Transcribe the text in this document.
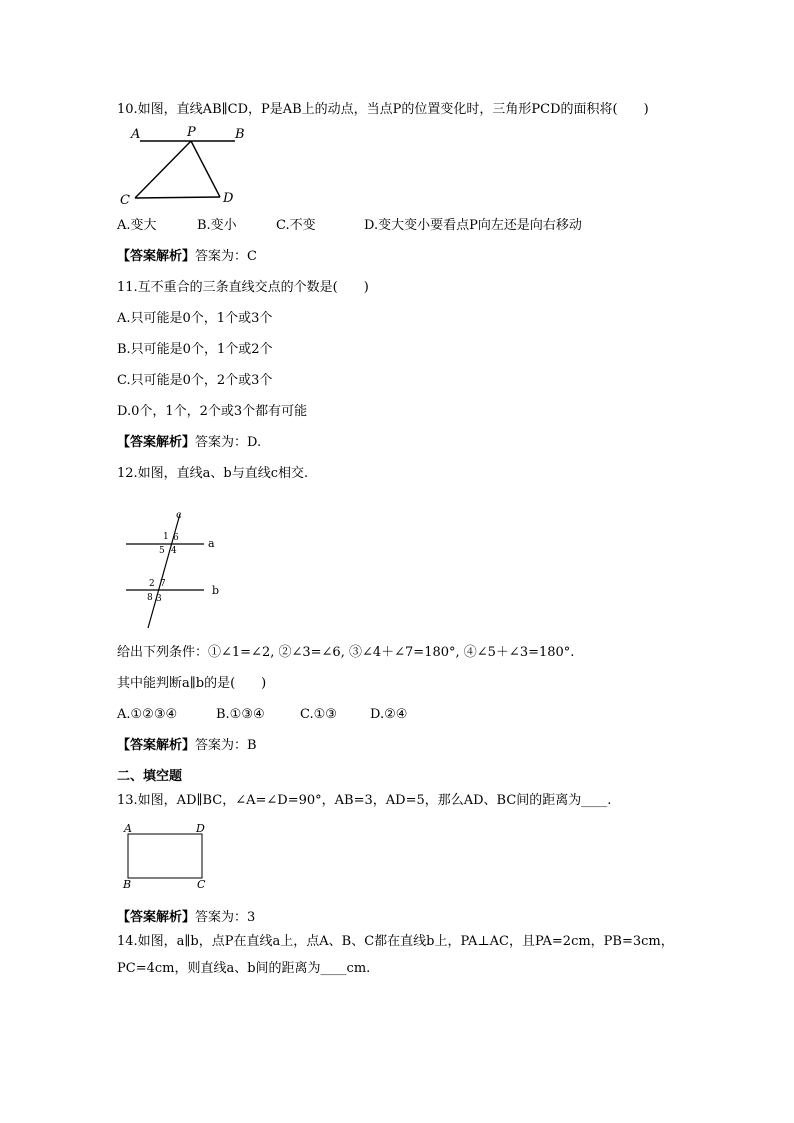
10.如图，直线AB∥CD，P是AB上的动点，当点P的位置变化时，三角形PCD的面积将(　　)
A	P	B
C	D
A.变大	B.变小	C.不变	D.变大变小要看点P向左还是向右移动
【答案解析】答案为：C
11.互不重合的三条直线交点的个数是(　　)
A.只可能是0个，1个或3个
B.只可能是0个，1个或2个
C.只可能是0个，2个或3个
D.0个，1个，2个或3个都有可能
【答案解析】答案为：D.
12.如图，直线a、b与直线c相交.
c
a
b
1 6
5 4
2 7
8 3
给出下列条件：①∠1=∠2, ②∠3=∠6, ③∠4＋∠7=180°, ④∠5＋∠3=180°.
其中能判断a∥b的是(　　)
A.①②③④	B.①③④	C.①③	D.②④
【答案解析】答案为：B
二、填空题
13.如图，AD∥BC，∠A=∠D=90°，AB=3，AD=5，那么AD、BC间的距离为____.
A	D
B	C
【答案解析】答案为：3
14.如图，a∥b，点P在直线a上，点A、B、C都在直线b上，PA⊥AC，且PA=2cm，PB=3cm，
PC=4cm，则直线a、b间的距离为____cm.
